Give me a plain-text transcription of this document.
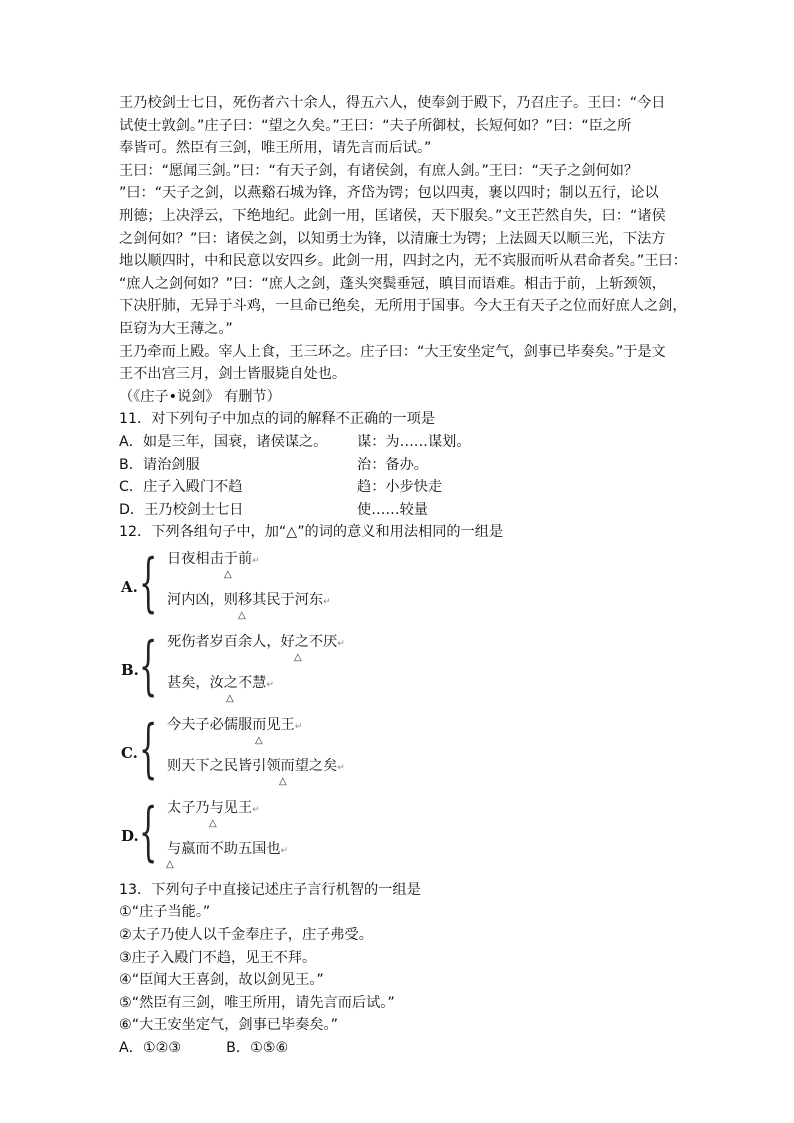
王乃校剑士七日，死伤者六十余人，得五六人，使奉剑于殿下，乃召庄子。王曰：“今日

试使士敦剑。”庄子曰：“望之久矣。”王曰：“夫子所御杖，长短何如？”曰：“臣之所

奉皆可。然臣有三剑，唯王所用，请先言而后试。”

王曰：“愿闻三剑。”曰：“有天子剑，有诸侯剑，有庶人剑。”王曰：“天子之剑何如？

”曰：“天子之剑，以燕谿石城为锋，齐岱为锷；包以四夷，裹以四时；制以五行，论以

刑德；上决浮云，下绝地纪。此剑一用，匡诸侯，天下服矣。”文王芒然自失，曰：“诸侯

之剑何如？”曰：诸侯之剑，以知勇士为锋，以清廉士为锷；上法圆天以顺三光，下法方

地以顺四时，中和民意以安四乡。此剑一用，四封之内，无不宾服而听从君命者矣。”王曰：

“庶人之剑何如？”曰：“庶人之剑，蓬头突鬓垂冠，瞋目而语难。相击于前，上斩颈领，

下决肝肺，无异于斗鸡，一旦命已绝矣，无所用于国事。今大王有天子之位而好庶人之剑，

臣窃为大王薄之。”

王乃牵而上殿。宰人上食，王三环之。庄子曰：“大王安坐定气，剑事已毕奏矣。”于是文

王不出宫三月，剑士皆服毙自处也。

（《庄子•说剑》 有删节）

11．对下列句子中加点的词的解释不正确的一项是

A．如是三年，国衰，诸侯谋之。	谋：为……谋划。
B．请治剑服	治：备办。
C．庄子入殿门不趋	趋：小步快走
D．王乃校剑士七日	使……较量

12．下列各组句子中，加“△”的词的意义和用法相同的一组是

A. { 日夜相击于前↵
△
河内凶，则移其民于河东↵
△
B. { 死伤者岁百余人，好之不厌↵
△
甚矣，汝之不慧↵
△
C. { 今夫子必儒服而见王↵
△
则天下之民皆引领而望之矣↵
△
D. { 太子乃与见王↵
△
与嬴而不助五国也↵
△

13．下列句子中直接记述庄子言行机智的一组是

①“庄子当能。”

②太子乃使人以千金奉庄子，庄子弗受。

③庄子入殿门不趋，见王不拜。

④“臣闻大王喜剑，故以剑见王。”

⑤“然臣有三剑，唯王所用，请先言而后试。”

⑥“大王安坐定气，剑事已毕奏矣。”

A．①②③          B．①⑤⑥
